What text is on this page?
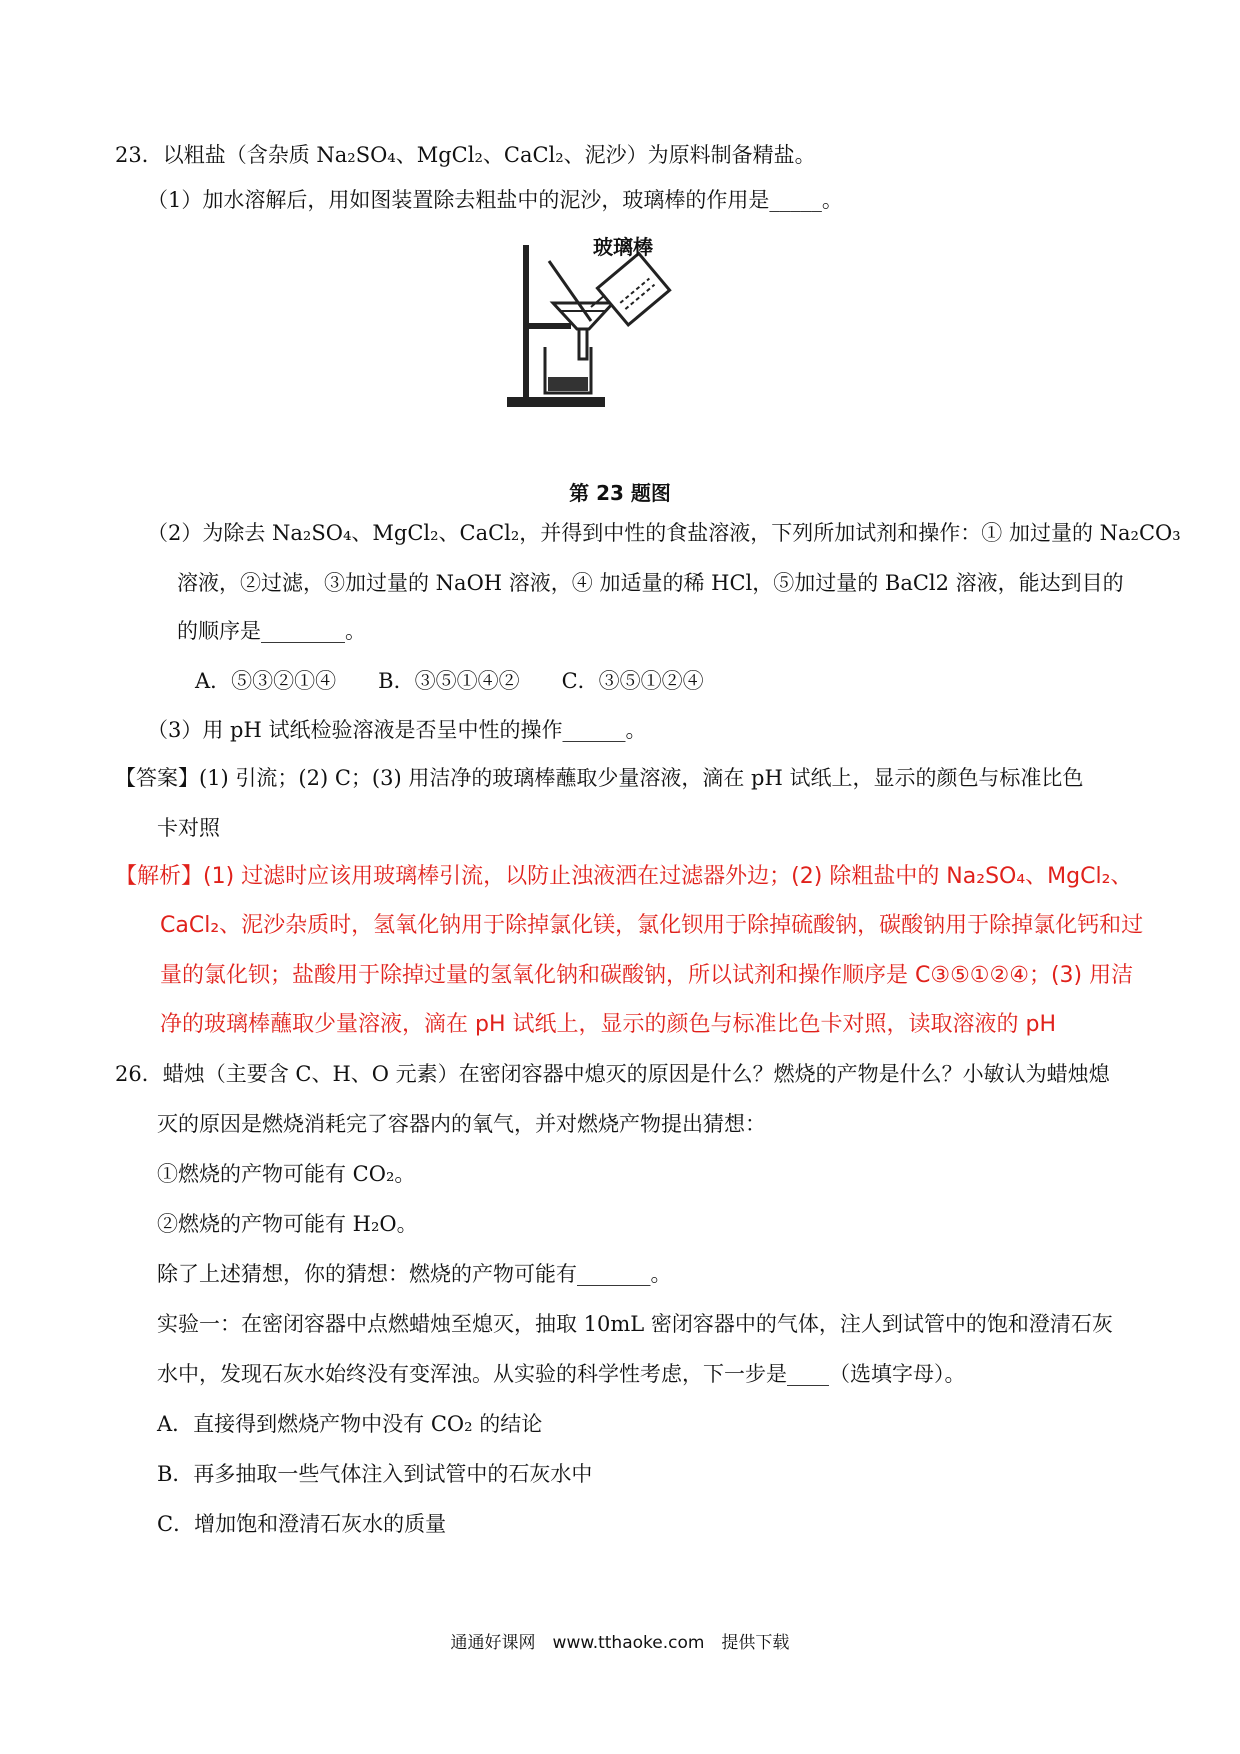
23．以粗盐（含杂质 Na₂SO₄、MgCl₂、CaCl₂、泥沙）为原料制备精盐。
（1）加水溶解后，用如图装置除去粗盐中的泥沙，玻璃棒的作用是_____。
玻璃棒
第 23 题图
（2）为除去 Na₂SO₄、MgCl₂、CaCl₂，并得到中性的食盐溶液，下列所加试剂和操作：① 加过量的 Na₂CO₃
溶液，②过滤，③加过量的 NaOH 溶液，④ 加适量的稀 HCl，⑤加过量的 BaCl2 溶液，能达到目的
的顺序是________。
A．⑤③②①④　　B．③⑤①④②　　C．③⑤①②④
（3）用 pH 试纸检验溶液是否呈中性的操作______。
【答案】(1) 引流；(2) C；(3) 用洁净的玻璃棒蘸取少量溶液，滴在 pH 试纸上，显示的颜色与标准比色
卡对照
【解析】(1) 过滤时应该用玻璃棒引流，以防止浊液洒在过滤器外边；(2) 除粗盐中的 Na₂SO₄、MgCl₂、
CaCl₂、泥沙杂质时，氢氧化钠用于除掉氯化镁，氯化钡用于除掉硫酸钠，碳酸钠用于除掉氯化钙和过
量的氯化钡；盐酸用于除掉过量的氢氧化钠和碳酸钠，所以试剂和操作顺序是 C③⑤①②④；(3) 用洁
净的玻璃棒蘸取少量溶液，滴在 pH 试纸上，显示的颜色与标准比色卡对照，读取溶液的 pH
26．蜡烛（主要含 C、H、O 元素）在密闭容器中熄灭的原因是什么？燃烧的产物是什么？小敏认为蜡烛熄
灭的原因是燃烧消耗完了容器内的氧气，并对燃烧产物提出猜想：
①燃烧的产物可能有 CO₂。
②燃烧的产物可能有 H₂O。
除了上述猜想，你的猜想：燃烧的产物可能有_______。
实验一：在密闭容器中点燃蜡烛至熄灭，抽取 10mL 密闭容器中的气体，注人到试管中的饱和澄清石灰
水中，发现石灰水始终没有变浑浊。从实验的科学性考虑，下一步是____（选填字母）。
A．直接得到燃烧产物中没有 CO₂ 的结论
B．再多抽取一些气体注入到试管中的石灰水中
C．增加饱和澄清石灰水的质量
通通好课网　www.tthaoke.com　提供下载
